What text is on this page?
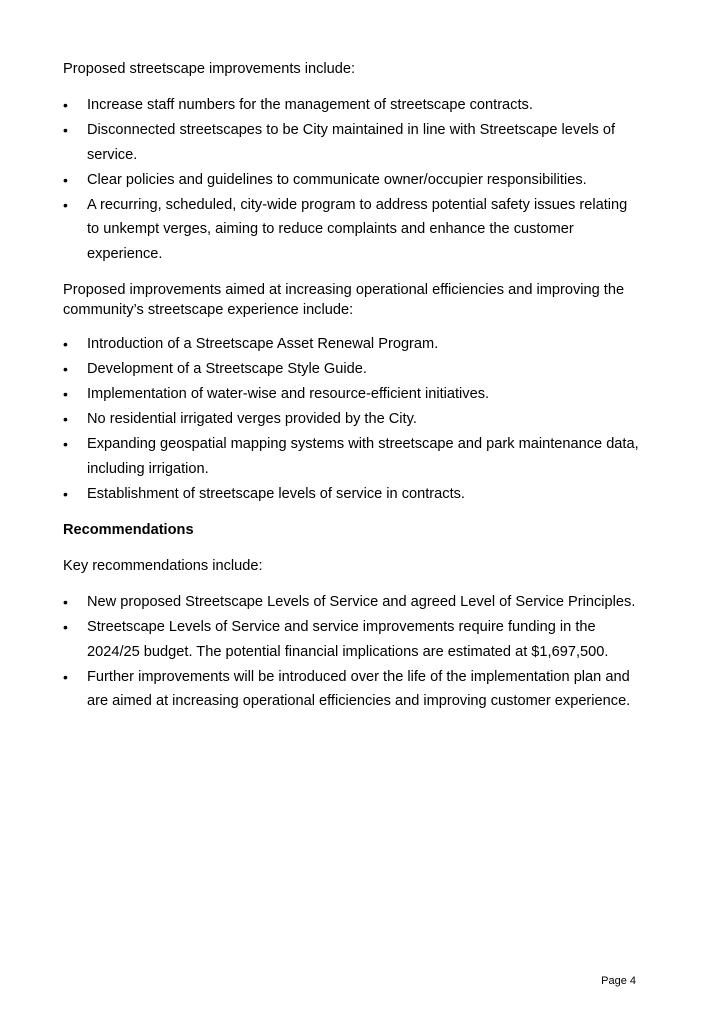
Proposed streetscape improvements include:

• Increase staff numbers for the management of streetscape contracts.
• Disconnected streetscapes to be City maintained in line with Streetscape levels of service.
• Clear policies and guidelines to communicate owner/occupier responsibilities.
• A recurring, scheduled, city-wide program to address potential safety issues relating to unkempt verges, aiming to reduce complaints and enhance the customer experience.

Proposed improvements aimed at increasing operational efficiencies and improving the community’s streetscape experience include:

• Introduction of a Streetscape Asset Renewal Program.
• Development of a Streetscape Style Guide.
• Implementation of water-wise and resource-efficient initiatives.
• No residential irrigated verges provided by the City.
• Expanding geospatial mapping systems with streetscape and park maintenance data, including irrigation.
• Establishment of streetscape levels of service in contracts.

Recommendations

Key recommendations include:

• New proposed Streetscape Levels of Service and agreed Level of Service Principles.
• Streetscape Levels of Service and service improvements require funding in the 2024/25 budget. The potential financial implications are estimated at $1,697,500.
• Further improvements will be introduced over the life of the implementation plan and are aimed at increasing operational efficiencies and improving customer experience.
Page 4
